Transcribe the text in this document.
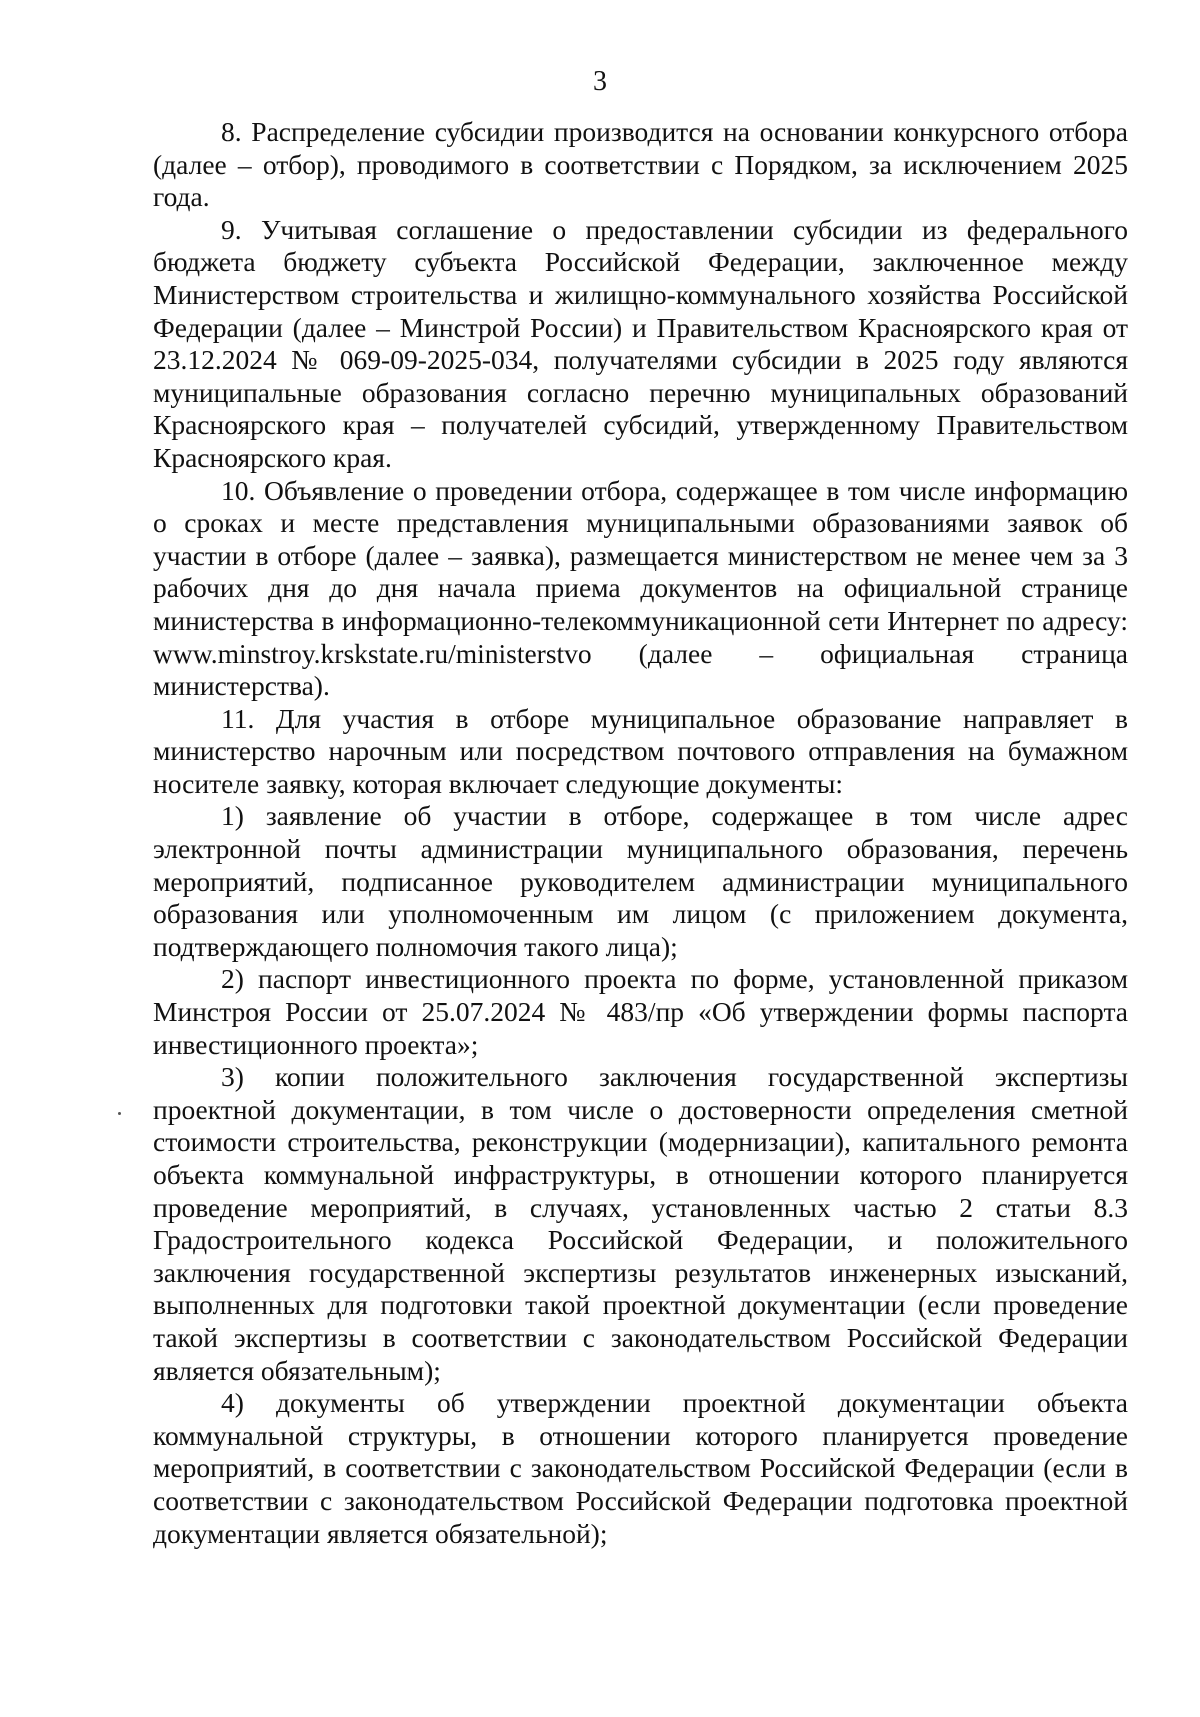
3

8. Распределение субсидии производится на основании конкурсного отбора (далее – отбор), проводимого в соответствии с Порядком, за исключением 2025 года.

9. Учитывая соглашение о предоставлении субсидии из федерального бюджета бюджету субъекта Российской Федерации, заключенное между Министерством строительства и жилищно-коммунального хозяйства Российской Федерации (далее – Минстрой России) и Правительством Красноярского края от 23.12.2024 № 069-09-2025-034, получателями субсидии в 2025 году являются муниципальные образования согласно перечню муниципальных образований Красноярского края – получателей субсидий, утвержденному Правительством Красноярского края.

10. Объявление о проведении отбора, содержащее в том числе информацию о сроках и месте представления муниципальными образованиями заявок об участии в отборе (далее – заявка), размещается министерством не менее чем за 3 рабочих дня до дня начала приема документов на официальной странице министерства в информационно-телекоммуникационной сети Интернет по адресу: www.minstroy.krskstate.ru/ministerstvo (далее – официальная страница министерства).

11. Для участия в отборе муниципальное образование направляет в министерство нарочным или посредством почтового отправления на бумажном носителе заявку, которая включает следующие документы:

1) заявление об участии в отборе, содержащее в том числе адрес электронной почты администрации муниципального образования, перечень мероприятий, подписанное руководителем администрации муниципального образования или уполномоченным им лицом (с приложением документа, подтверждающего полномочия такого лица);

2) паспорт инвестиционного проекта по форме, установленной приказом Минстроя России от 25.07.2024 № 483/пр «Об утверждении формы паспорта инвестиционного проекта»;

3) копии положительного заключения государственной экспертизы проектной документации, в том числе о достоверности определения сметной стоимости строительства, реконструкции (модернизации), капитального ремонта объекта коммунальной инфраструктуры, в отношении которого планируется проведение мероприятий, в случаях, установленных частью 2 статьи 8.3 Градостроительного кодекса Российской Федерации, и положительного заключения государственной экспертизы результатов инженерных изысканий, выполненных для подготовки такой проектной документации (если проведение такой экспертизы в соответствии с законодательством Российской Федерации является обязательным);

4) документы об утверждении проектной документации объекта коммунальной структуры, в отношении которого планируется проведение мероприятий, в соответствии с законодательством Российской Федерации (если в соответствии с законодательством Российской Федерации подготовка проектной документации является обязательной);
